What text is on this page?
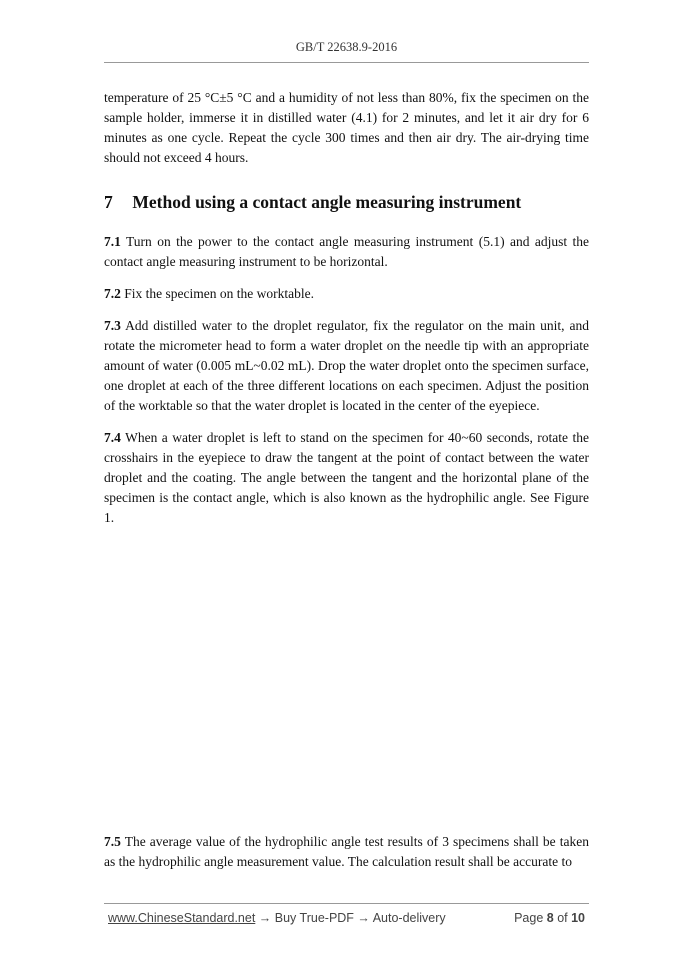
GB/T 22638.9-2016

temperature of 25 °C±5 °C and a humidity of not less than 80%, fix the specimen on the sample holder, immerse it in distilled water (4.1) for 2 minutes, and let it air dry for 6 minutes as one cycle. Repeat the cycle 300 times and then air dry. The air-drying time should not exceed 4 hours.

7 Method using a contact angle measuring instrument

7.1 Turn on the power to the contact angle measuring instrument (5.1) and adjust the contact angle measuring instrument to be horizontal.

7.2 Fix the specimen on the worktable.

7.3 Add distilled water to the droplet regulator, fix the regulator on the main unit, and rotate the micrometer head to form a water droplet on the needle tip with an appropriate amount of water (0.005 mL~0.02 mL). Drop the water droplet onto the specimen surface, one droplet at each of the three different locations on each specimen. Adjust the position of the worktable so that the water droplet is located in the center of the eyepiece.

7.4 When a water droplet is left to stand on the specimen for 40~60 seconds, rotate the crosshairs in the eyepiece to draw the tangent at the point of contact between the water droplet and the coating. The angle between the tangent and the horizontal plane of the specimen is the contact angle, which is also known as the hydrophilic angle. See Figure 1.

7.5 The average value of the hydrophilic angle test results of 3 specimens shall be taken as the hydrophilic angle measurement value. The calculation result shall be accurate to

www.ChineseStandard.net → Buy True-PDF → Auto-delivery	Page 8 of 10
